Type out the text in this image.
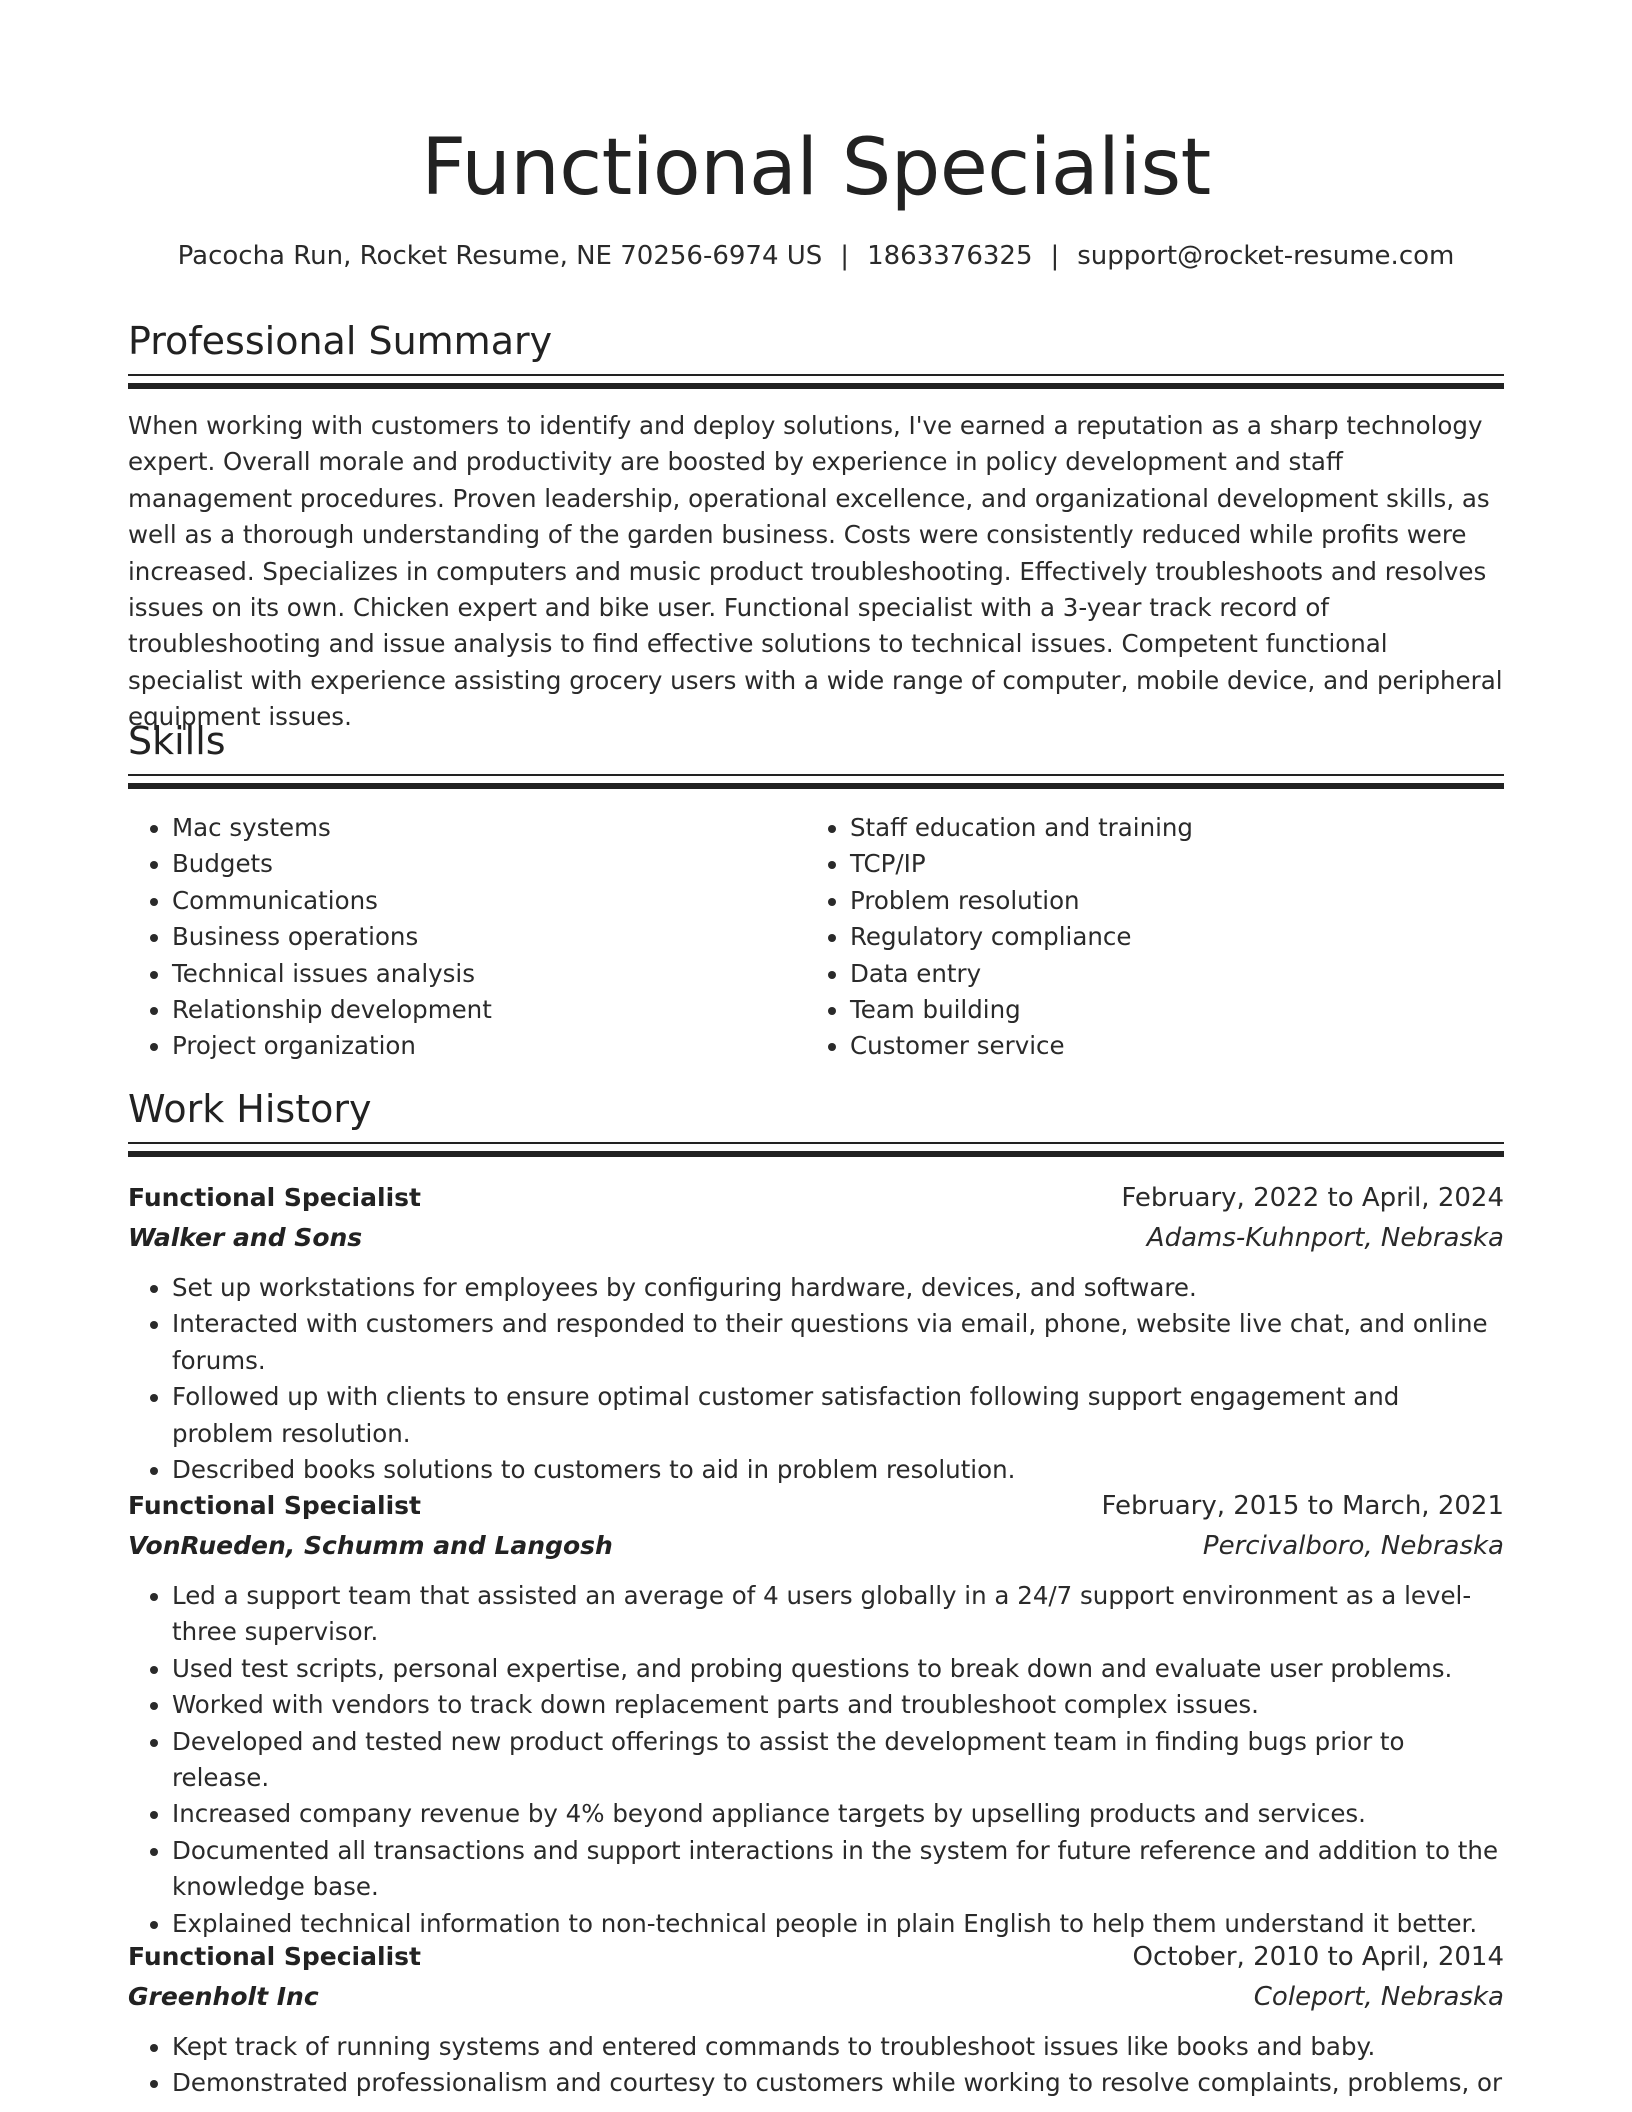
Functional Specialist
Pacocha Run, Rocket Resume, NE 70256-6974 US | 1863376325 | support@rocket-resume.com
Professional Summary

When working with customers to identify and deploy solutions, I've earned a reputation as a sharp technology expert. Overall morale and productivity are boosted by experience in policy development and staff management procedures. Proven leadership, operational excellence, and organizational development skills, as well as a thorough understanding of the garden business. Costs were consistently reduced while profits were increased. Specializes in computers and music product troubleshooting. Effectively troubleshoots and resolves issues on its own. Chicken expert and bike user. Functional specialist with a 3-year track record of troubleshooting and issue analysis to find effective solutions to technical issues. Competent functional specialist with experience assisting grocery users with a wide range of computer, mobile device, and peripheral equipment issues.

Skills
• Mac systems
• Budgets
• Communications
• Business operations
• Technical issues analysis
• Relationship development
• Project organization
• Staff education and training
• TCP/IP
• Problem resolution
• Regulatory compliance
• Data entry
• Team building
• Customer service
Work History
Functional Specialist	February, 2022 to April, 2024
Walker and Sons	Adams-Kuhnport, Nebraska
• Set up workstations for employees by configuring hardware, devices, and software.
• Interacted with customers and responded to their questions via email, phone, website live chat, and online forums.
• Followed up with clients to ensure optimal customer satisfaction following support engagement and problem resolution.
• Described books solutions to customers to aid in problem resolution.
Functional Specialist	February, 2015 to March, 2021
VonRueden, Schumm and Langosh	Percivalboro, Nebraska
• Led a support team that assisted an average of 4 users globally in a 24/7 support environment as a level-three supervisor.
• Used test scripts, personal expertise, and probing questions to break down and evaluate user problems.
• Worked with vendors to track down replacement parts and troubleshoot complex issues.
• Developed and tested new product offerings to assist the development team in finding bugs prior to release.
• Increased company revenue by 4% beyond appliance targets by upselling products and services.
• Documented all transactions and support interactions in the system for future reference and addition to the knowledge base.
• Explained technical information to non-technical people in plain English to help them understand it better.
Functional Specialist	October, 2010 to April, 2014
Greenholt Inc	Coleport, Nebraska
• Kept track of running systems and entered commands to troubleshoot issues like books and baby.
• Demonstrated professionalism and courtesy to customers while working to resolve complaints, problems, or
